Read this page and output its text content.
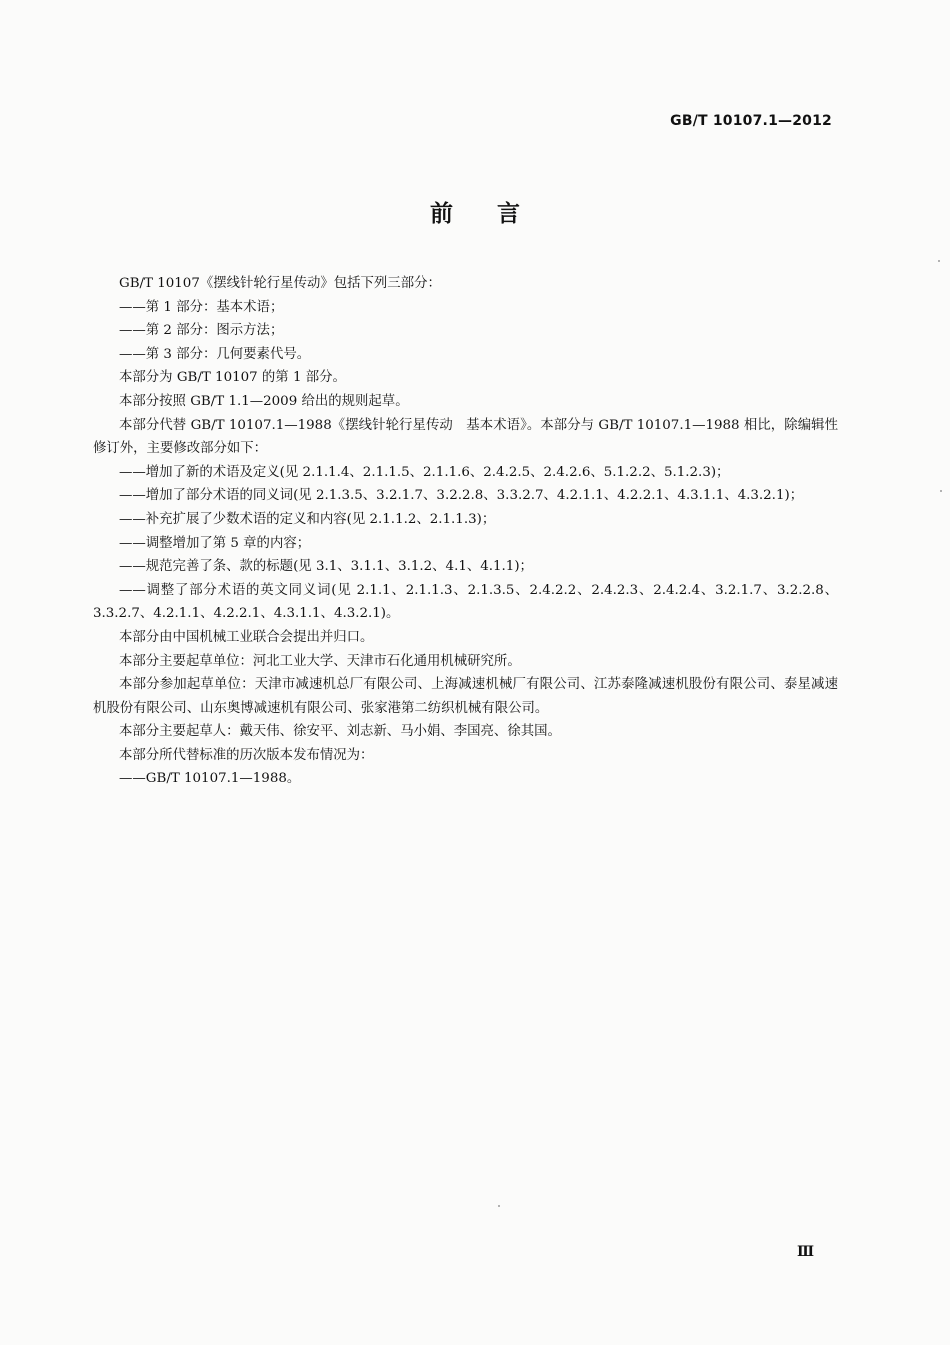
GB/T 10107.1—2012
前言

GB/T 10107《摆线针轮行星传动》包括下列三部分：

——第 1 部分：基本术语；

——第 2 部分：图示方法；

——第 3 部分：几何要素代号。

本部分为 GB/T 10107 的第 1 部分。

本部分按照 GB/T 1.1—2009 给出的规则起草。

本部分代替 GB/T 10107.1—1988《摆线针轮行星传动　基本术语》。本部分与 GB/T 10107.1—1988 相比，除编辑性修订外，主要修改部分如下：

——增加了新的术语及定义(见 2.1.1.4、2.1.1.5、2.1.1.6、2.4.2.5、2.4.2.6、5.1.2.2、5.1.2.3)；

——增加了部分术语的同义词(见 2.1.3.5、3.2.1.7、3.2.2.8、3.3.2.7、4.2.1.1、4.2.2.1、4.3.1.1、4.3.2.1)；

——补充扩展了少数术语的定义和内容(见 2.1.1.2、2.1.1.3)；

——调整增加了第 5 章的内容；

——规范完善了条、款的标题(见 3.1、3.1.1、3.1.2、4.1、4.1.1)；

——调整了部分术语的英文同义词(见 2.1.1、2.1.1.3、2.1.3.5、2.4.2.2、2.4.2.3、2.4.2.4、3.2.1.7、3.2.2.8、3.3.2.7、4.2.1.1、4.2.2.1、4.3.1.1、4.3.2.1)。

本部分由中国机械工业联合会提出并归口。

本部分主要起草单位：河北工业大学、天津市石化通用机械研究所。

本部分参加起草单位：天津市减速机总厂有限公司、上海减速机械厂有限公司、江苏泰隆减速机股份有限公司、泰星减速机股份有限公司、山东奥博减速机有限公司、张家港第二纺织机械有限公司。

本部分主要起草人：戴天伟、徐安平、刘志新、马小娟、李国亮、徐其国。

本部分所代替标准的历次版本发布情况为：

——GB/T 10107.1—1988。

Ⅲ
